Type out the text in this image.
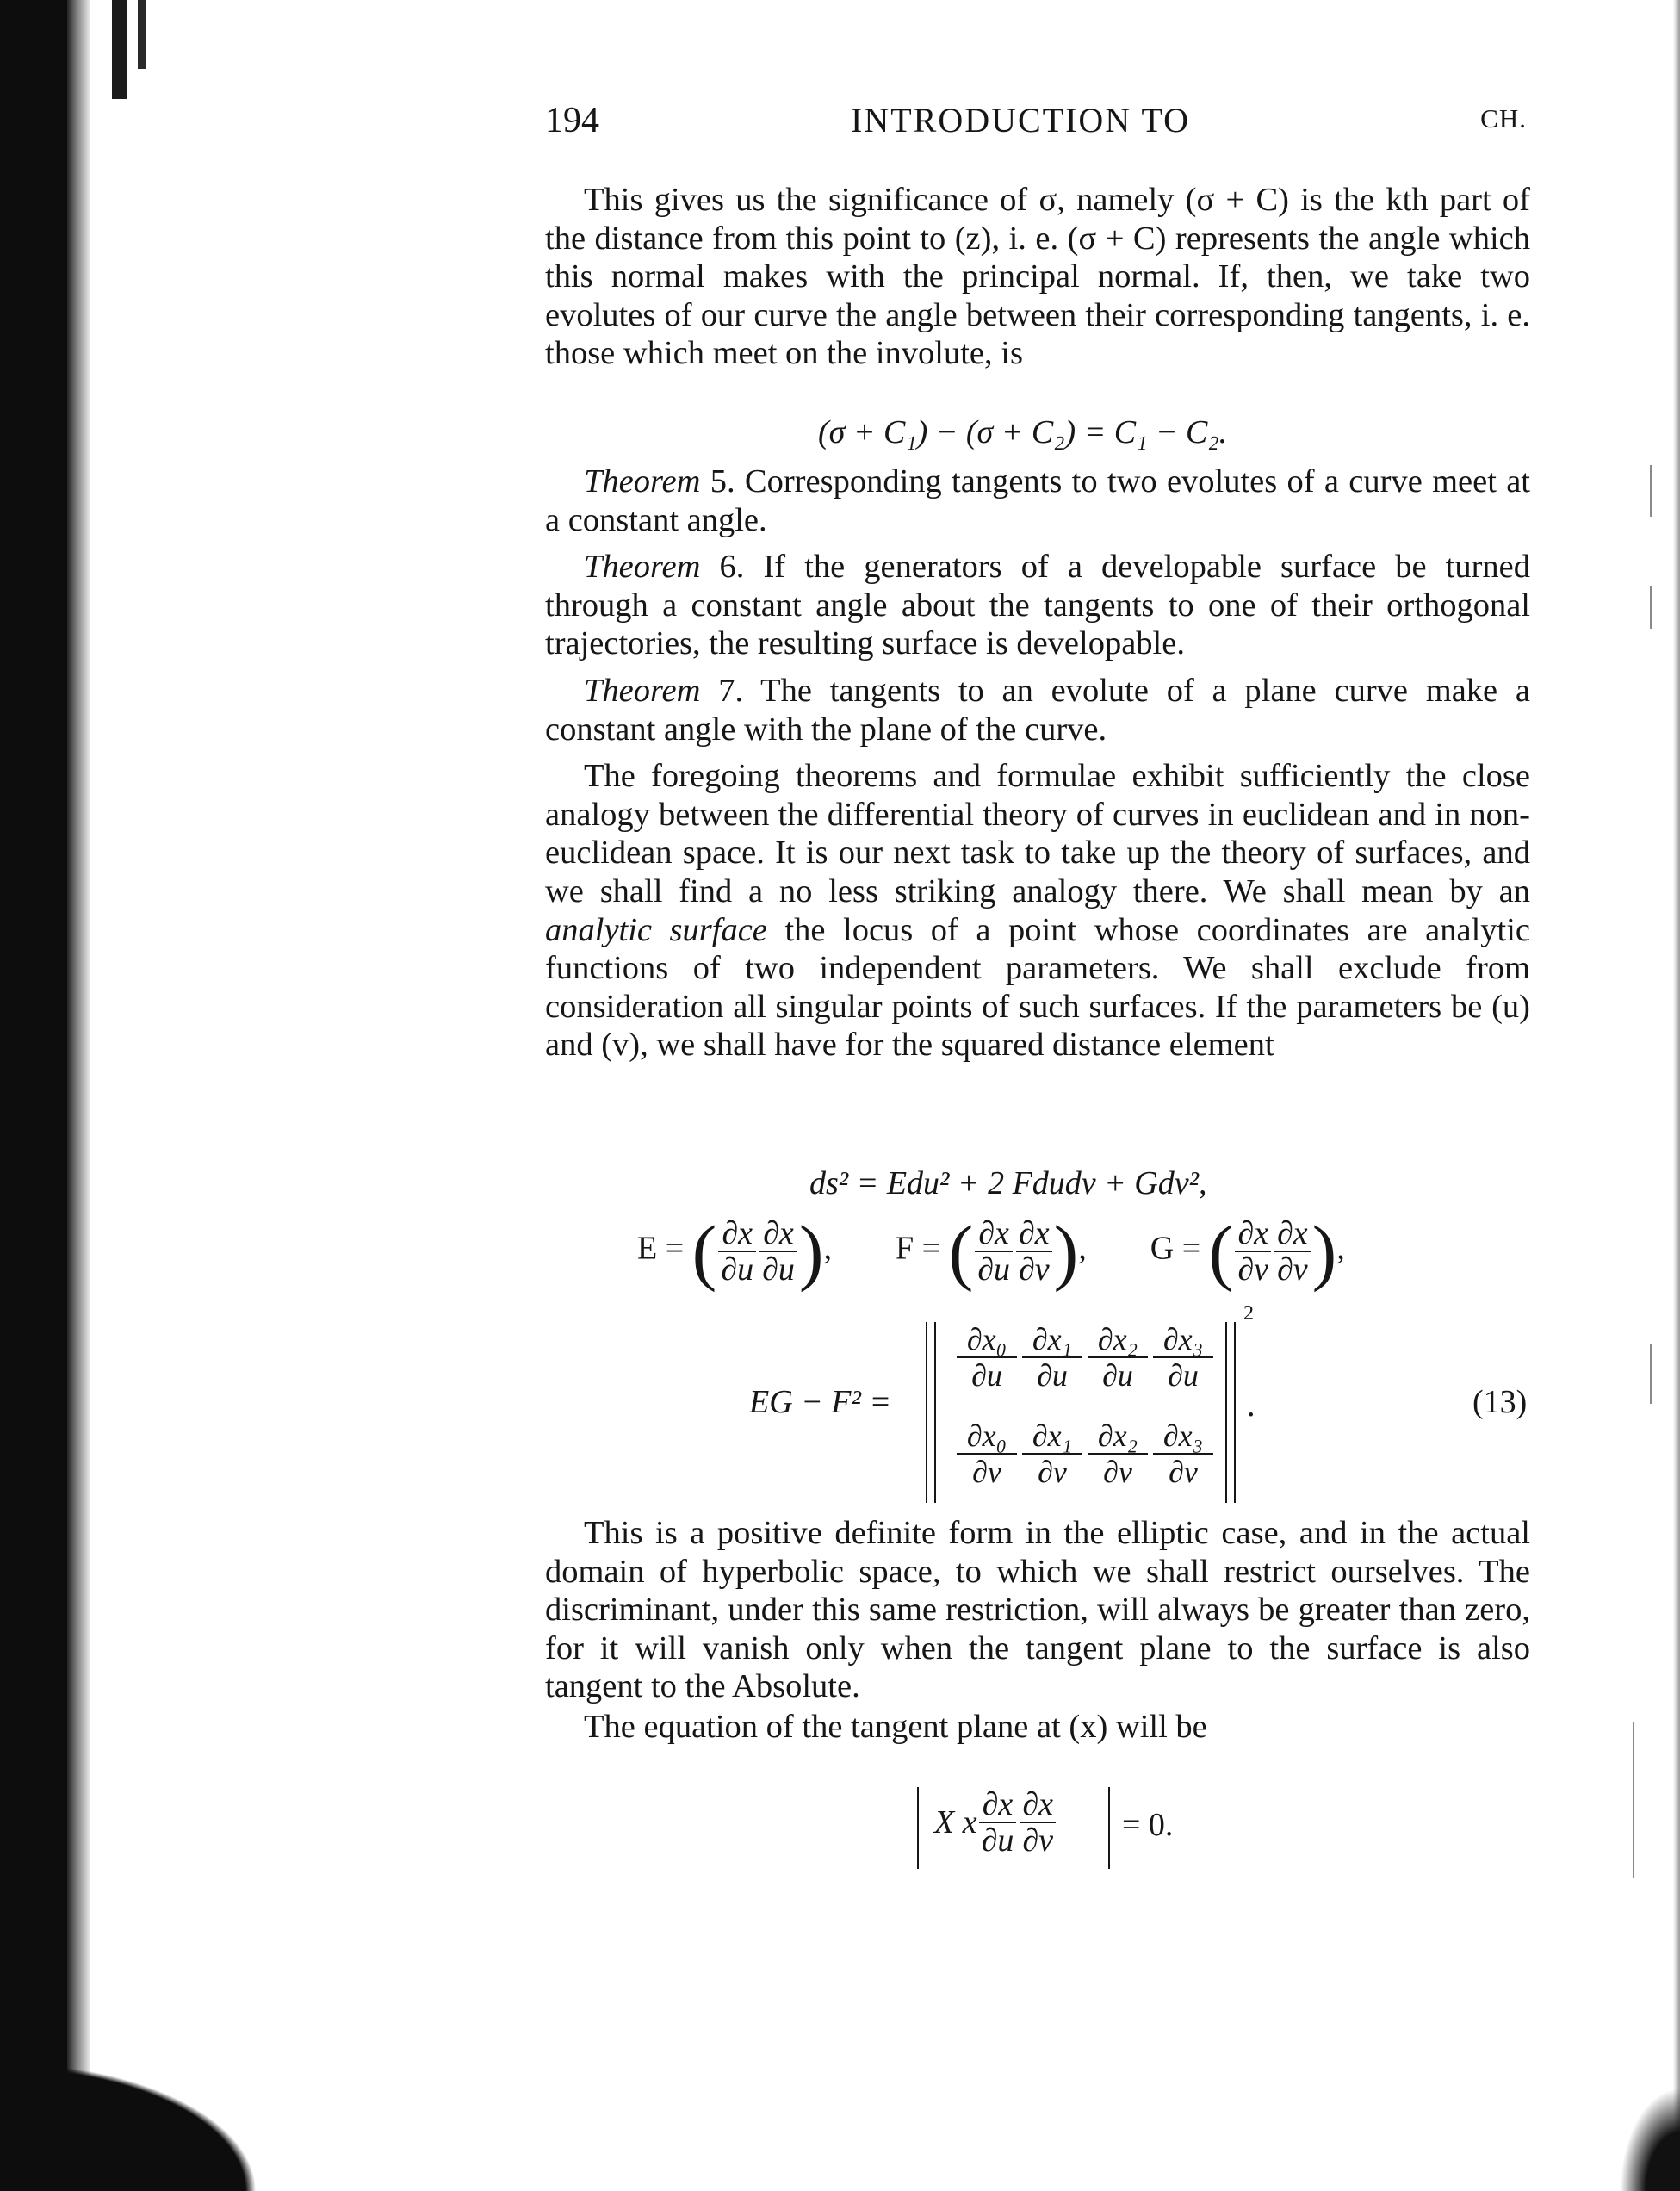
194	INTRODUCTION TO	CH.

This gives us the significance of σ, namely (σ + C) is the kth part of the distance from this point to (z), i. e. (σ + C) represents the angle which this normal makes with the principal normal. If, then, we take two evolutes of our curve the angle between their corresponding tangents, i. e. those which meet on the involute, is

(σ + C₁) − (σ + C₂) = C₁ − C₂.

Theorem 5. Corresponding tangents to two evolutes of a curve meet at a constant angle.

Theorem 6. If the generators of a developable surface be turned through a constant angle about the tangents to one of their orthogonal trajectories, the resulting surface is developable.

Theorem 7. The tangents to an evolute of a plane curve make a constant angle with the plane of the curve.

The foregoing theorems and formulae exhibit sufficiently the close analogy between the differential theory of curves in euclidean and in non-euclidean space. It is our next task to take up the theory of surfaces, and we shall find a no less striking analogy there. We shall mean by an analytic surface the locus of a point whose coordinates are analytic functions of two independent parameters. We shall exclude from consideration all singular points of such surfaces. If the parameters be (u) and (v), we shall have for the squared distance element

ds² = Edu² + 2 Fdudv + Gdv²,
E = ( $\frac{\partial x}{\partial u} \frac{\partial x}{\partial u}$ ), F = ( $\frac{\partial x}{\partial u} \frac{\partial x}{\partial v}$ ), G = ( $\frac{\partial x}{\partial v} \frac{\partial x}{\partial v}$ ),
EG − F² =
$\frac{\text{∂x₀}}{\partial u} \frac{\text{∂x₁}}{\partial u} \frac{\text{∂x₂}}{\partial u} \frac{\text{∂x₃}}{\partial u}$
$\frac{\text{∂x₀}}{\partial v} \frac{\text{∂x₁}}{\partial v} \frac{\text{∂x₂}}{\partial v} \frac{\text{∂x₃}}{\partial v}$
2
.	(13)

This is a positive definite form in the elliptic case, and in the actual domain of hyperbolic space, to which we shall restrict ourselves. The discriminant, under this same restriction, will always be greater than zero, for it will vanish only when the tangent plane to the surface is also tangent to the Absolute.

The equation of the tangent plane at (x) will be

X x $\frac{\partial x}{\partial u} \frac{\partial x}{\partial v} = 0$.
